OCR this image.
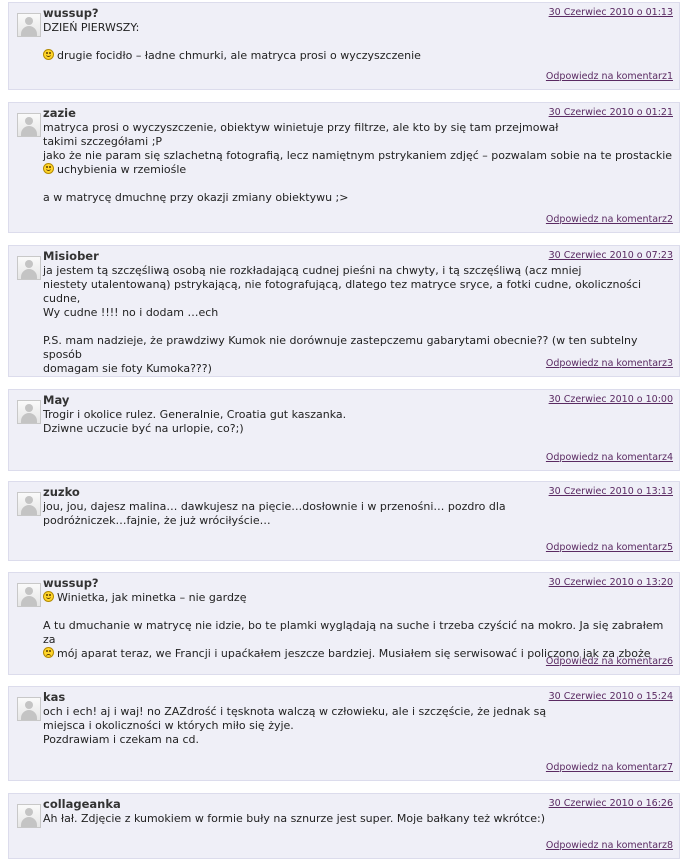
wussup?	30 Czerwiec 2010 o 01:13

DZIEŃ PIERWSZY:

drugie focidło – ładne chmurki, ale matryca prosi o wyczyszczenie

Odpowiedz na komentarz1
zazie	30 Czerwiec 2010 o 01:21

matryca prosi o wyczyszczenie, obiektyw winietuje przy filtrze, ale kto by się tam przejmował
takimi szczegółami ;P
jako że nie param się szlachetną fotografią, lecz namiętnym pstrykaniem zdjęć – pozwalam sobie na te prostackie
uchybienia w rzemiośle

a w matrycę dmuchnę przy okazji zmiany obiektywu ;>

Odpowiedz na komentarz2
Misiober	30 Czerwiec 2010 o 07:23

ja jestem tą szczęśliwą osobą nie rozkładającą cudnej pieśni na chwyty, i tą szczęśliwą (acz mniej
niestety utalentowaną) pstrykającą, nie fotografującą, dlatego tez matryce sryce, a fotki cudne, okoliczności cudne,
Wy cudne !!!! no i dodam …ech

P.S. mam nadzieje, że prawdziwy Kumok nie dorównuje zastepczemu gabarytami obecnie?? (w ten subtelny sposób
domagam sie foty Kumoka???)	Odpowiedz na komentarz3
May	30 Czerwiec 2010 o 10:00

Trogir i okolice rulez. Generalnie, Croatia gut kaszanka.
Dziwne uczucie być na urlopie, co?;)

Odpowiedz na komentarz4
zuzko	30 Czerwiec 2010 o 13:13

jou, jou, dajesz malina… dawkujesz na pięcie…dosłownie i w przenośni… pozdro dla
podróżniczek…fajnie, że już wróciłyście…

Odpowiedz na komentarz5
wussup?	30 Czerwiec 2010 o 13:20

Winietka, jak minetka – nie gardzę

A tu dmuchanie w matrycę nie idzie, bo te plamki wyglądają na suche i trzeba czyścić na mokro. Ja się zabrałem za
mój aparat teraz, we Francji i upaćkałem jeszcze bardziej. Musiałem się serwisować i policzono jak za zboże

Odpowiedz na komentarz6
kas	30 Czerwiec 2010 o 15:24

och i ech! aj i waj! no ZAZdrość i tęsknota walczą w człowieku, ale i szczęście, że jednak są
miejsca i okoliczności w których miło się żyje.
Pozdrawiam i czekam na cd.

Odpowiedz na komentarz7
collageanka	30 Czerwiec 2010 o 16:26

Ah łał. Zdjęcie z kumokiem w formie buły na sznurze jest super. Moje bałkany też wkrótce:)

Odpowiedz na komentarz8
